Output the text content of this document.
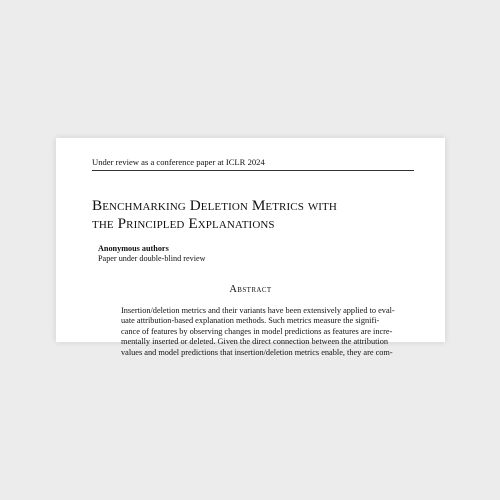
Under review as a conference paper at ICLR 2024
Benchmarking Deletion Metrics with
the Principled Explanations
Anonymous authors
Paper under double-blind review
Abstract
Insertion/deletion metrics and their variants have been extensively applied to eval-
uate attribution-based explanation methods. Such metrics measure the signifi-
cance of features by observing changes in model predictions as features are incre-
mentally inserted or deleted. Given the direct connection between the attribution
values and model predictions that insertion/deletion metrics enable, they are com-
